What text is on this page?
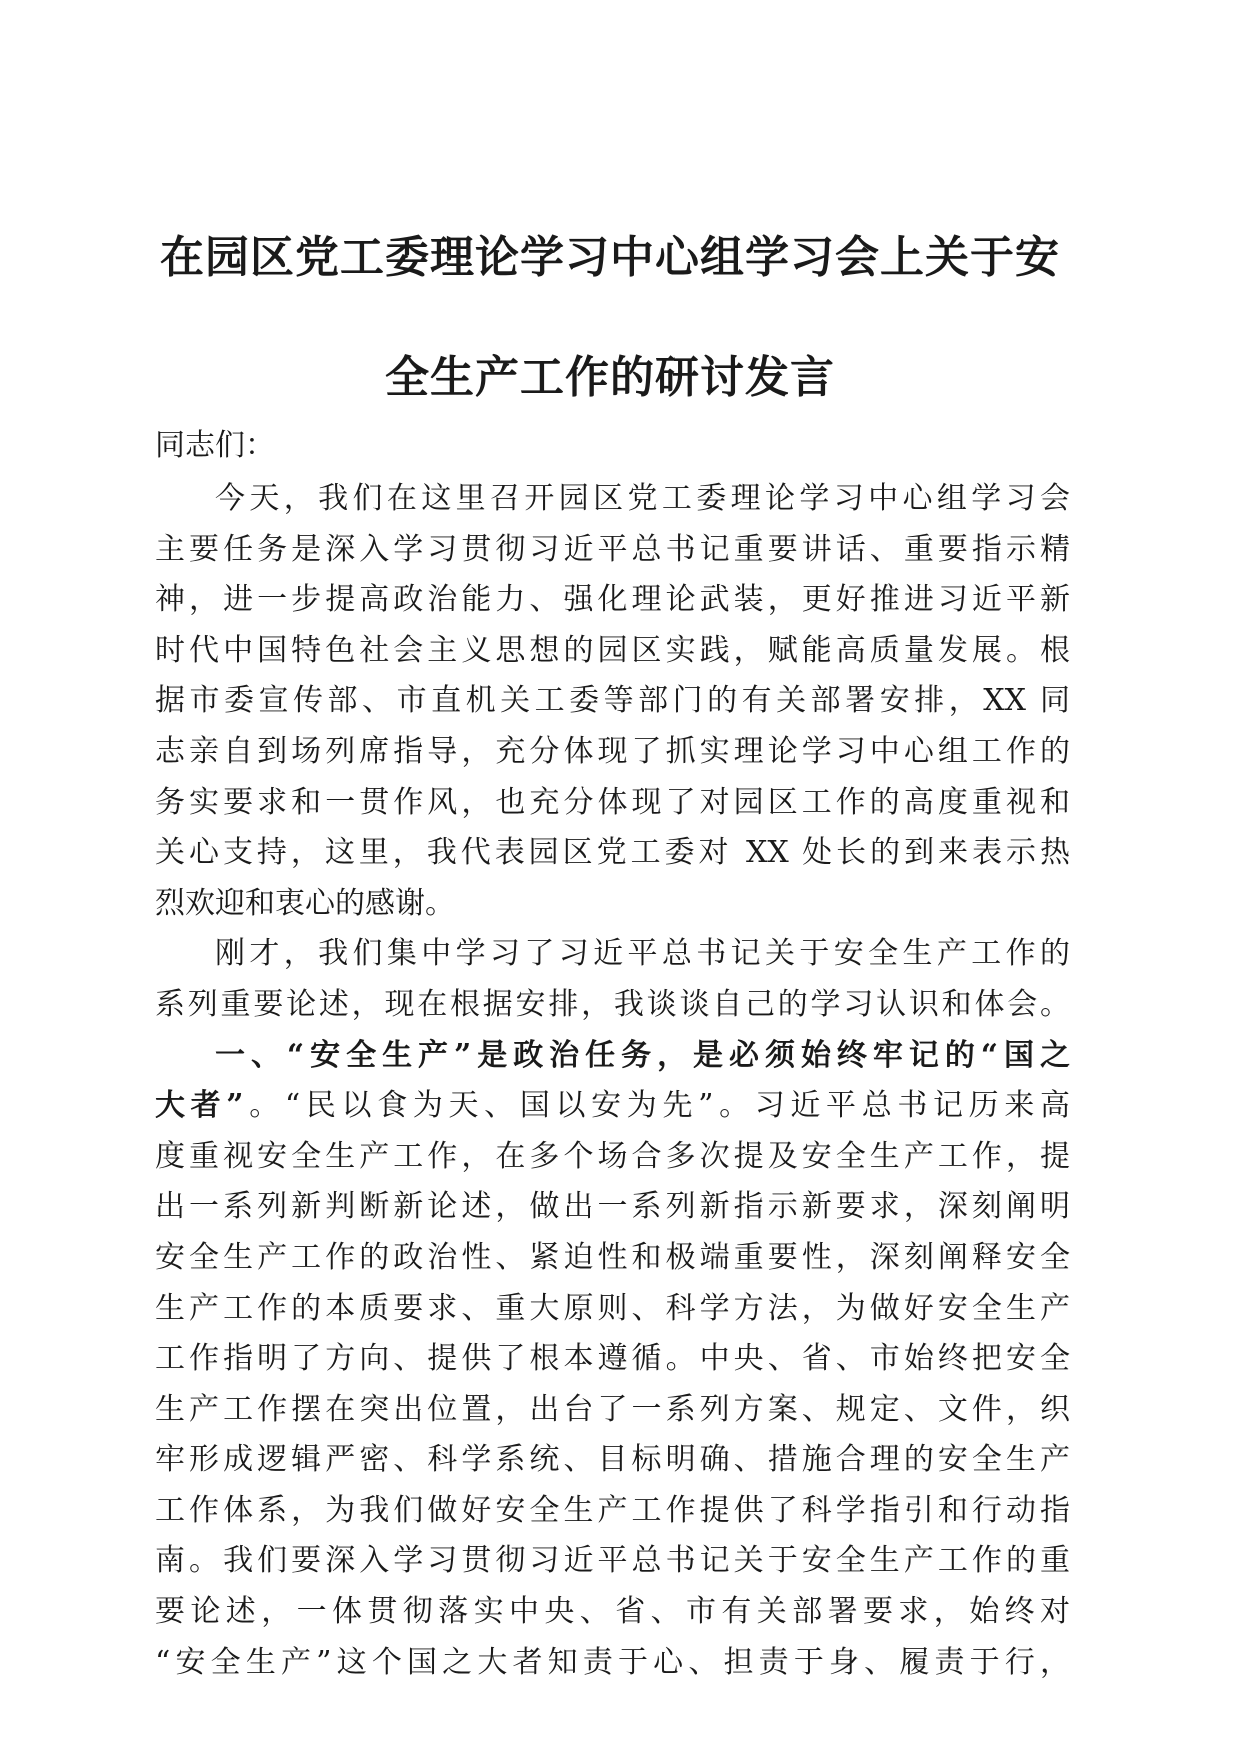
在园区党工委理论学习中心组学习会上关于安
全生产工作的研讨发言

同志们：

今天，我们在这里召开园区党工委理论学习中心组学习会
主要任务是深入学习贯彻习近平总书记重要讲话、重要指示精
神，进一步提高政治能力、强化理论武装，更好推进习近平新
时代中国特色社会主义思想的园区实践，赋能高质量发展。根
据市委宣传部、市直机关工委等部门的有关部署安排，XX 同
志亲自到场列席指导，充分体现了抓实理论学习中心组工作的
务实要求和一贯作风，也充分体现了对园区工作的高度重视和
关心支持，这里，我代表园区党工委对 XX 处长的到来表示热
烈欢迎和衷心的感谢。
刚才，我们集中学习了习近平总书记关于安全生产工作的
系列重要论述，现在根据安排，我谈谈自己的学习认识和体会。
一、“安全生产”是政治任务，是必须始终牢记的“国之
大者”。“民以食为天、国以安为先”。习近平总书记历来高
度重视安全生产工作，在多个场合多次提及安全生产工作，提
出一系列新判断新论述，做出一系列新指示新要求，深刻阐明
安全生产工作的政治性、紧迫性和极端重要性，深刻阐释安全
生产工作的本质要求、重大原则、科学方法，为做好安全生产
工作指明了方向、提供了根本遵循。中央、省、市始终把安全
生产工作摆在突出位置，出台了一系列方案、规定、文件，织
牢形成逻辑严密、科学系统、目标明确、措施合理的安全生产
工作体系，为我们做好安全生产工作提供了科学指引和行动指
南。我们要深入学习贯彻习近平总书记关于安全生产工作的重
要论述，一体贯彻落实中央、省、市有关部署要求，始终对
“安全生产”这个国之大者知责于心、担责于身、履责于行，
